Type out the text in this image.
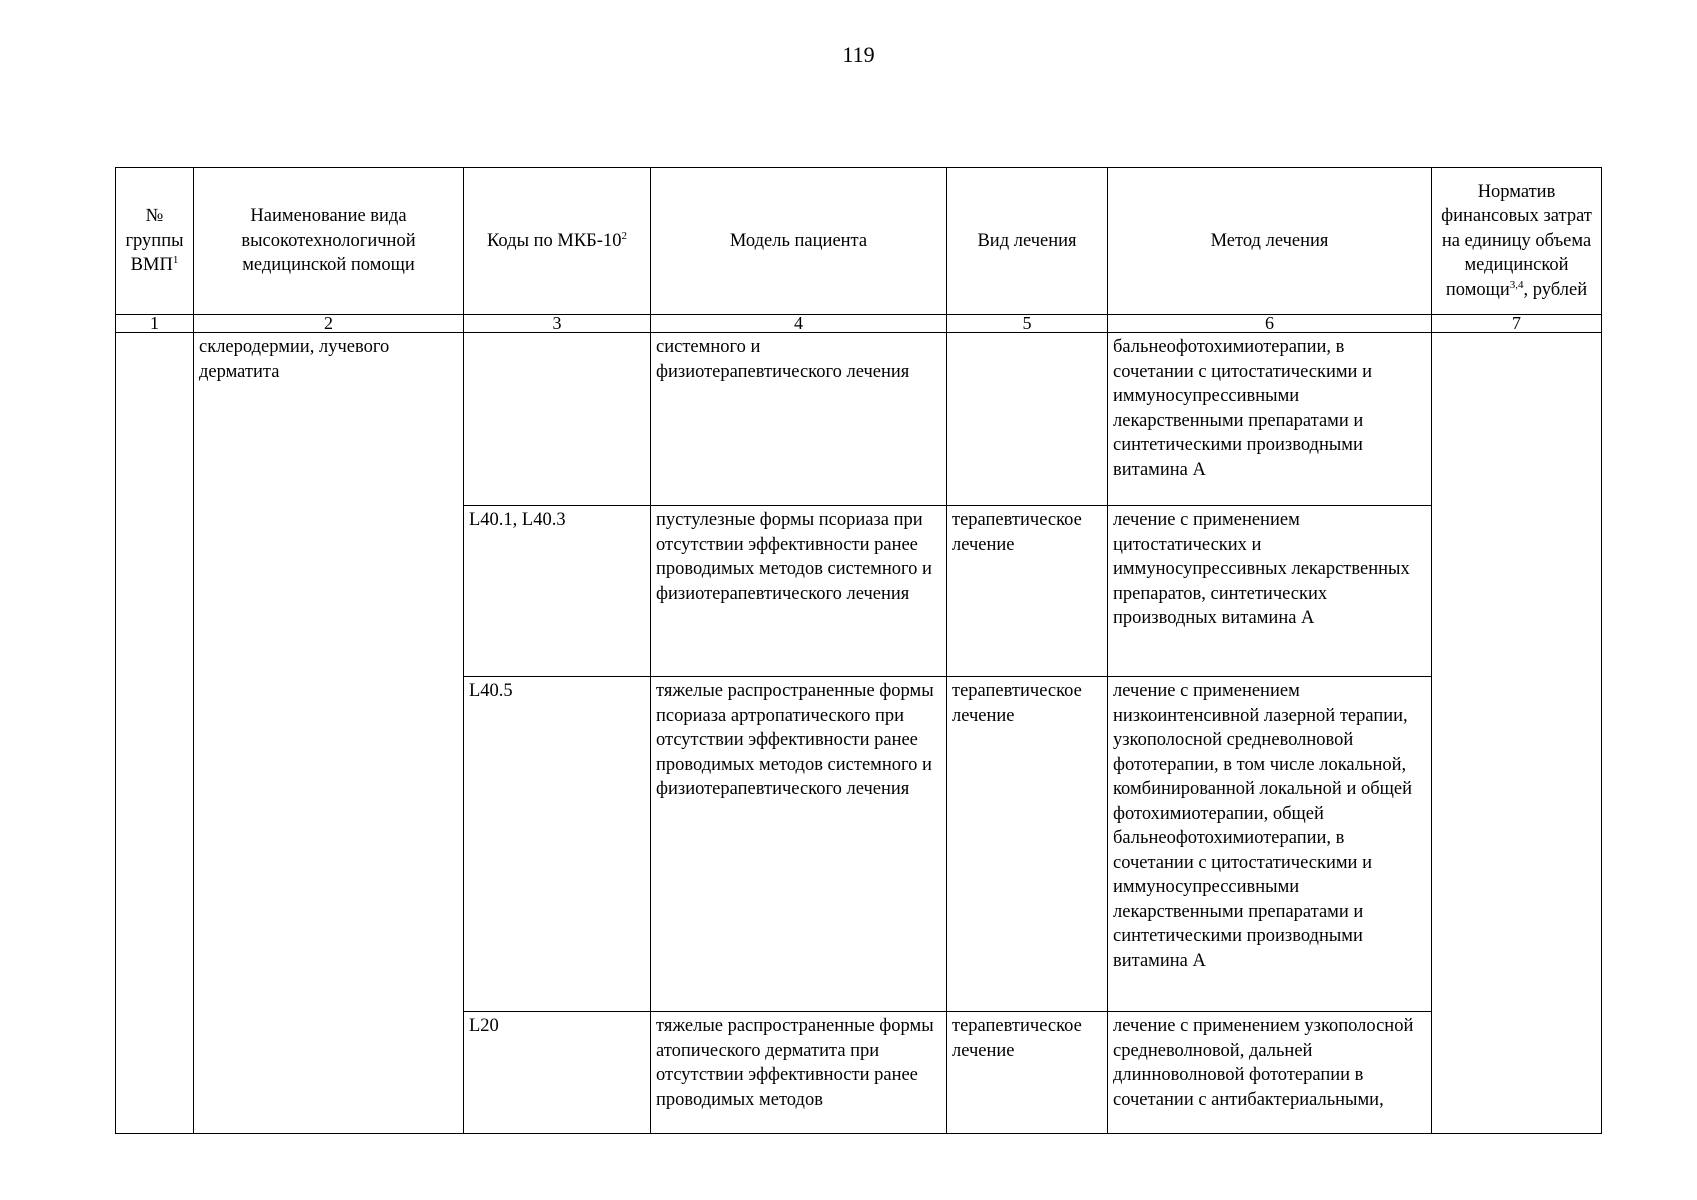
119
№
группы
ВМП$^1$	Наименование вида высокотехнологичной медицинской помощи	Коды по МКБ-$10^2$	Модель пациента	Вид лечения	Метод лечения	Норматив финансовых затрат на единицу объема медицинской помощи$^{3,4}$, рублей
1	2	3	4	5	6	7
	склеродермии, лучевого дерматита		системного и физиотерапевтического лечения		бальнеофотохимиотерапии, в сочетании с цитостатическими и иммуносупрессивными лекарственными препаратами и синтетическими производными витамина А	
		L40.1, L40.3	пустулезные формы псориаза при отсутствии эффективности ранее проводимых методов системного и физиотерапевтического лечения	терапевтическое лечение	лечение с применением цитостатических и иммуносупрессивных лекарственных препаратов, синтетических производных витамина А	
		L40.5	тяжелые распространенные формы псориаза артропатического при отсутствии эффективности ранее проводимых методов системного и физиотерапевтического лечения	терапевтическое лечение	лечение с применением низкоинтенсивной лазерной терапии, узкополосной средневолновой фототерапии, в том числе локальной, комбинированной локальной и общей фотохимиотерапии, общей бальнеофотохимиотерапии, в сочетании с цитостатическими и иммуносупрессивными лекарственными препаратами и синтетическими производными витамина А	
		L20	тяжелые распространенные формы атопического дерматита при отсутствии эффективности ранее проводимых методов	терапевтическое лечение	лечение с применением узкополосной средневолновой, дальней длинноволновой фототерапии в сочетании с антибактериальными,	
